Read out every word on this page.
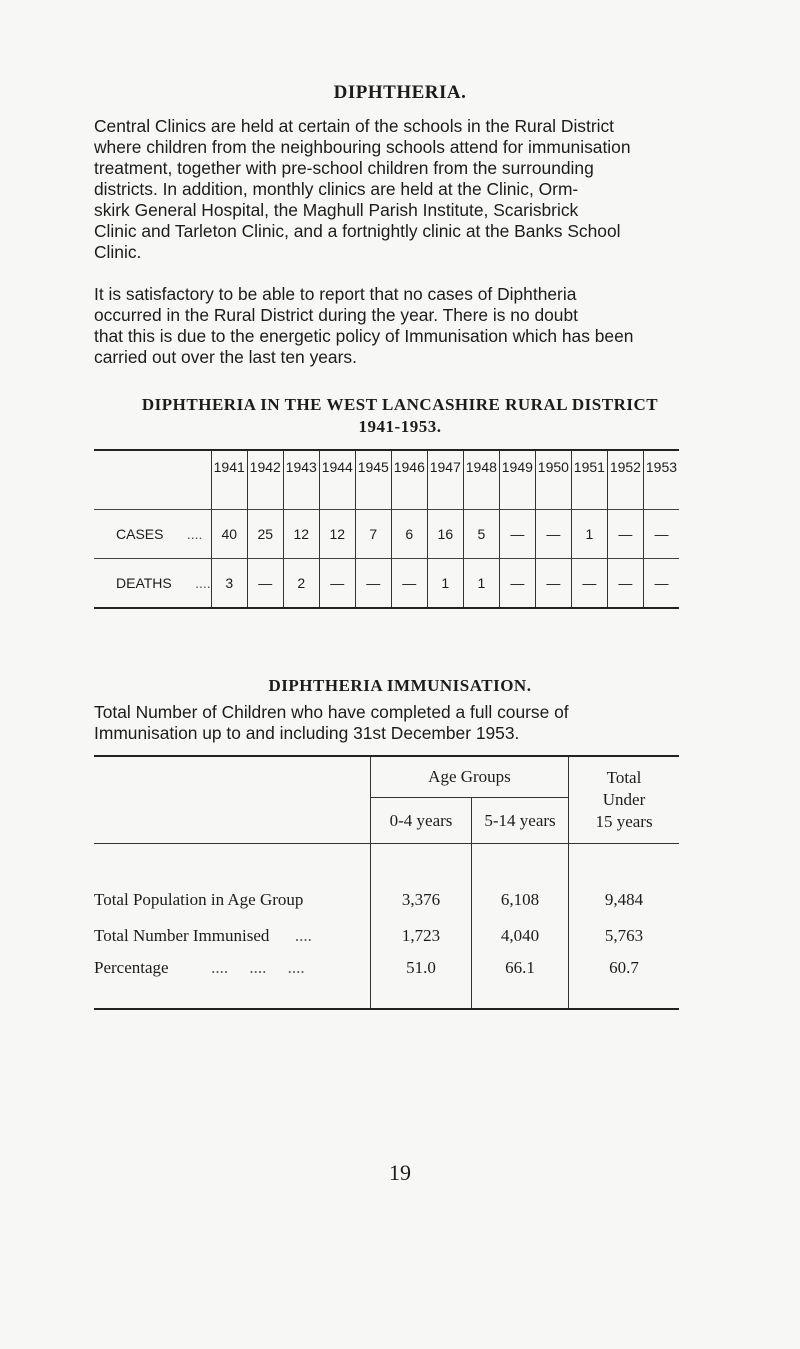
DIPHTHERIA.
Central Clinics are held at certain of the schools in the Rural District
where children from the neighbouring schools attend for immunisation
treatment, together with pre-school children from the surrounding
districts. In addition, monthly clinics are held at the Clinic, Orm-
skirk General Hospital, the Maghull Parish Institute, Scarisbrick
Clinic and Tarleton Clinic, and a fortnightly clinic at the Banks School
Clinic.
It is satisfactory to be able to report that no cases of Diphtheria
occurred in the Rural District during the year. There is no doubt
that this is due to the energetic policy of Immunisation which has been
carried out over the last ten years.
DIPHTHERIA IN THE WEST LANCASHIRE RURAL DISTRICT
1941-1953.
	1941	1942	1943	1944	1945	1946	1947	1948	1949	1950	1951	1952	1953
CASES ....	40	25	12	12	7	6	16	5	—	—	1	—	—
DEATHS ....	3	—	2	—	—	—	1	1	—	—	—	—	—
DIPHTHERIA IMMUNISATION.
Total Number of Children who have completed a full course of
Immunisation up to and including 31st December 1953.
	Age Groups		Total
Under
15 years

	0-4 years	5-14 years	
Total Population in Age Group	3,376	6,108	9,484
Total Number Immunised ....	1,723	4,040	5,763
Percentage ....     ....     ....	51.0	66.1	60.7
19
